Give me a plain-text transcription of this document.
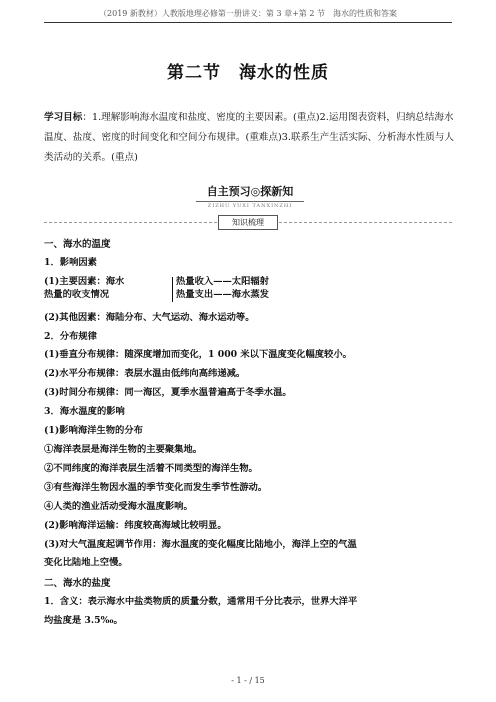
（2019 新教材）人教版地理必修第一册讲义：第 3 章+第 2 节　海水的性质和答案
第二节　海水的性质
学习目标：1.理解影响海水温度和盐度、密度的主要因素。(重点)2.运用图表资料，归纳总结海水温度、盐度、密度的时间变化和空间分布规律。(重难点)3.联系生产生活实际、分析海水性质与人类活动的关系。(重点)
自主预习◎探新知
ZIZHU YUXI TANXINZHI
知识梳理
一、海水的温度
1．影响因素
(1)主要因素：海水
热量的收支情况
热量收入——太阳辐射
热量支出——海水蒸发
(2)其他因素：海陆分布、大气运动、海水运动等。
2．分布规律
(1)垂直分布规律：随深度增加而变化，1 000 米以下温度变化幅度较小。
(2)水平分布规律：表层水温由低纬向高纬递减。
(3)时间分布规律：同一海区，夏季水温普遍高于冬季水温。
3．海水温度的影响
(1)影响海洋生物的分布
①海洋表层是海洋生物的主要聚集地。
②不同纬度的海洋表层生活着不同类型的海洋生物。
③有些海洋生物因水温的季节变化而发生季节性游动。
④人类的渔业活动受海水温度影响。
(2)影响海洋运输：纬度较高海域比较明显。
(3)对大气温度起调节作用：海水温度的变化幅度比陆地小，海洋上空的气温
变化比陆地上空慢。
二、海水的盐度
1．含义：表示海水中盐类物质的质量分数，通常用千分比表示，世界大洋平
均盐度是 3.5‰。
- 1 - / 15
